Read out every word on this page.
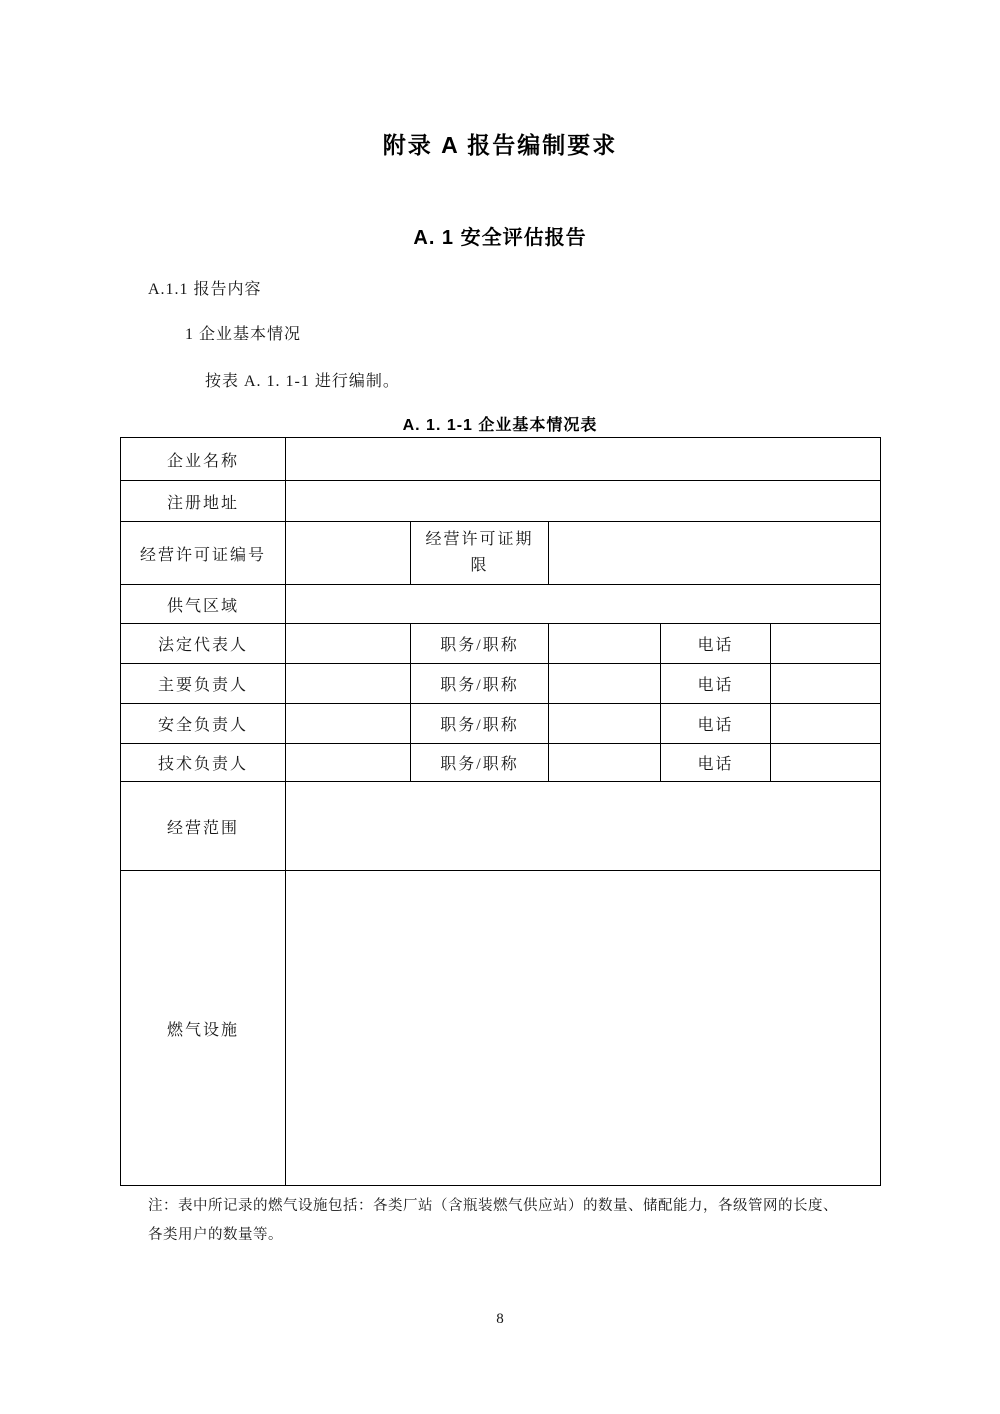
附录 A 报告编制要求
A. 1 安全评估报告

A.1.1 报告内容

1 企业基本情况

按表 A. 1. 1-1 进行编制。

A. 1. 1-1 企业基本情况表

企业名称					
注册地址					
经营许可证编号		经营许可证期限			
供气区域					
法定代表人		职务/职称		电话	
主要负责人		职务/职称		电话	
安全负责人		职务/职称		电话	
技术负责人		职务/职称		电话	
经营范围					
燃气设施					

注：表中所记录的燃气设施包括：各类厂站（含瓶装燃气供应站）的数量、储配能力，各级管网的长度、
各类用户的数量等。

8
